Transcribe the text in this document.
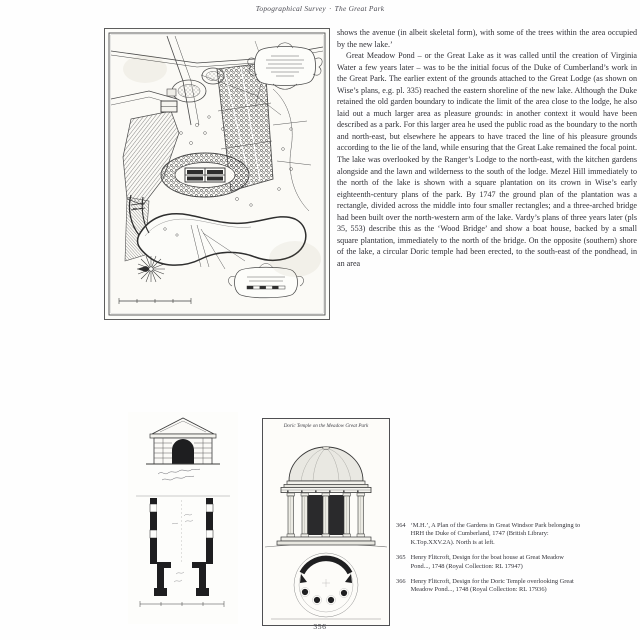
Topographical Survey · The Great Park

shows the avenue (in albeit skeletal form), with some of the trees within the area occupied by the new lake.’

Great Meadow Pond – or the Great Lake as it was called until the creation of Virginia Water a few years later – was to be the initial focus of the Duke of Cumberland’s work in the Great Park. The earlier extent of the grounds attached to the Great Lodge (as shown on Wise’s plans, e.g. pl. 335) reached the eastern shoreline of the new lake. Although the Duke retained the old garden boundary to indicate the limit of the area close to the lodge, he also laid out a much larger area as pleasure grounds: in another context it would have been described as a park. For this larger area he used the public road as the boundary to the north and north-east, but elsewhere he appears to have traced the line of his pleasure grounds according to the lie of the land, while ensuring that the Great Lake remained the focal point. The lake was overlooked by the Ranger’s Lodge to the north-east, with the kitchen gardens alongside and the lawn and wilderness to the south of the lodge. Mezel Hill immediately to the north of the lake is shown with a square plantation on its crown in Wise’s early eighteenth-century plans of the park. By 1747 the ground plan of the plantation was a rectangle, divided across the middle into four smaller rectangles; and a three-arched bridge had been built over the north-western arm of the lake. Vardy’s plans of three years later (pls 35, 553) describe this as the ‘Wood Bridge’ and show a boat house, backed by a small square plantation, immediately to the north of the bridge. On the opposite (southern) shore of the lake, a circular Doric temple had been erected, to the south-east of the pondhead, in an area

Doric Temple on the Meadow Great Park
364 ‘M.H.’, A Plan of the Gardens in Great Windsor Park belonging to HRH the Duke of Cumberland, 1747 (British Library: K.Top.XXV.2A). North is at left.
365 Henry Flitcroft, Design for the boat house at Great Meadow Pond..., 1748 (Royal Collection: RL 17947)
366 Henry Flitcroft, Design for the Doric Temple overlooking Great Meadow Pond..., 1748 (Royal Collection: RL 17936)
356
